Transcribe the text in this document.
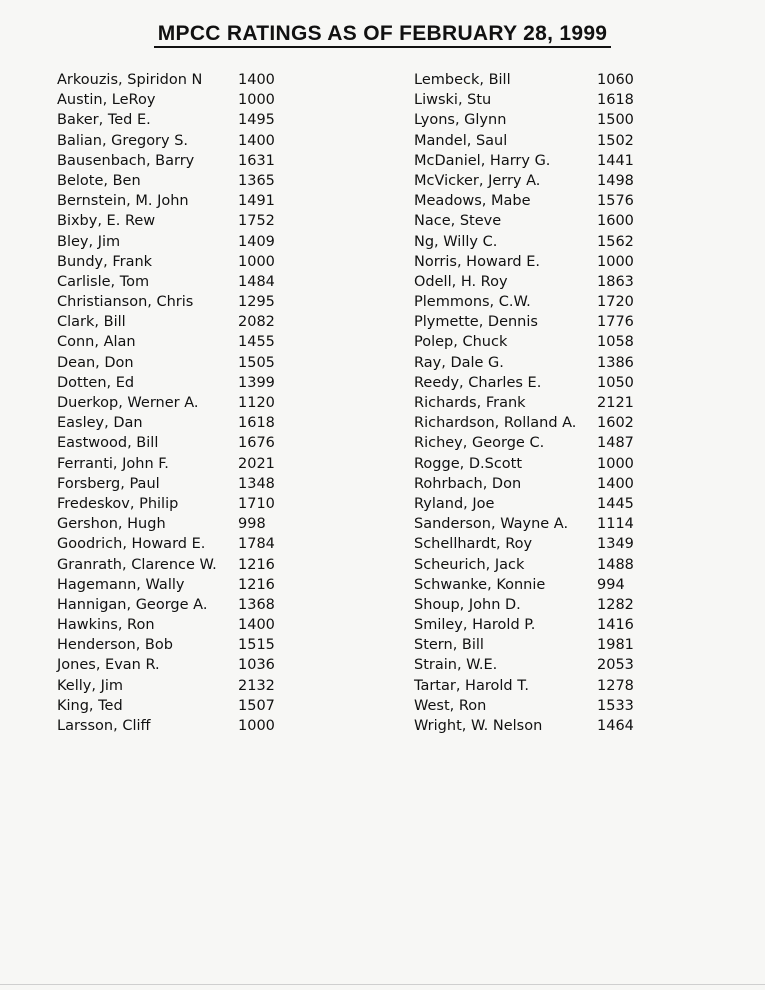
MPCC RATINGS AS OF FEBRUARY 28, 1999
Arkouzis, Spiridon N 1400
Austin, LeRoy	1000
Baker, Ted E.	1495
Balian, Gregory S.	1400
Bausenbach, Barry	1631
Belote, Ben	1365
Bernstein, M. John	1491
Bixby, E. Rew	1752
Bley, Jim	1409
Bundy, Frank	1000
Carlisle, Tom	1484
Christianson, Chris	1295
Clark, Bill	2082
Conn, Alan	1455
Dean, Don	1505
Dotten, Ed	1399
Duerkop, Werner A.	1120
Easley, Dan	1618
Eastwood, Bill	1676
Ferranti, John F.	2021
Forsberg, Paul	1348
Fredeskov, Philip	1710
Gershon, Hugh	998
Goodrich, Howard E. 1784
Granrath, Clarence W. 1216
Hagemann, Wally	1216
Hannigan, George A. 1368
Hawkins, Ron	1400
Henderson, Bob	1515
Jones, Evan R.	1036
Kelly, Jim	2132
King, Ted	1507
Larsson, Cliff	1000
Lembeck, Bill	1060
Liwski, Stu	1618
Lyons, Glynn	1500
Mandel, Saul	1502
McDaniel, Harry G.	1441
McVicker, Jerry A.	1498
Meadows, Mabe	1576
Nace, Steve	1600
Ng, Willy C.	1562
Norris, Howard E.	1000
Odell, H. Roy	1863
Plemmons, C.W.	1720
Plymette, Dennis	1776
Polep, Chuck	1058
Ray, Dale G.	1386
Reedy, Charles E.	1050
Richards, Frank	2121
Richardson, Rolland A. 1602
Richey, George C.	1487
Rogge, D.Scott	1000
Rohrbach, Don	1400
Ryland, Joe	1445
Sanderson, Wayne A. 1114
Schellhardt, Roy	1349
Scheurich, Jack	1488
Schwanke, Konnie	994
Shoup, John D.	1282
Smiley, Harold P.	1416
Stern, Bill	1981
Strain, W.E.	2053
Tartar, Harold T.	1278
West, Ron	1533
Wright, W. Nelson	1464
